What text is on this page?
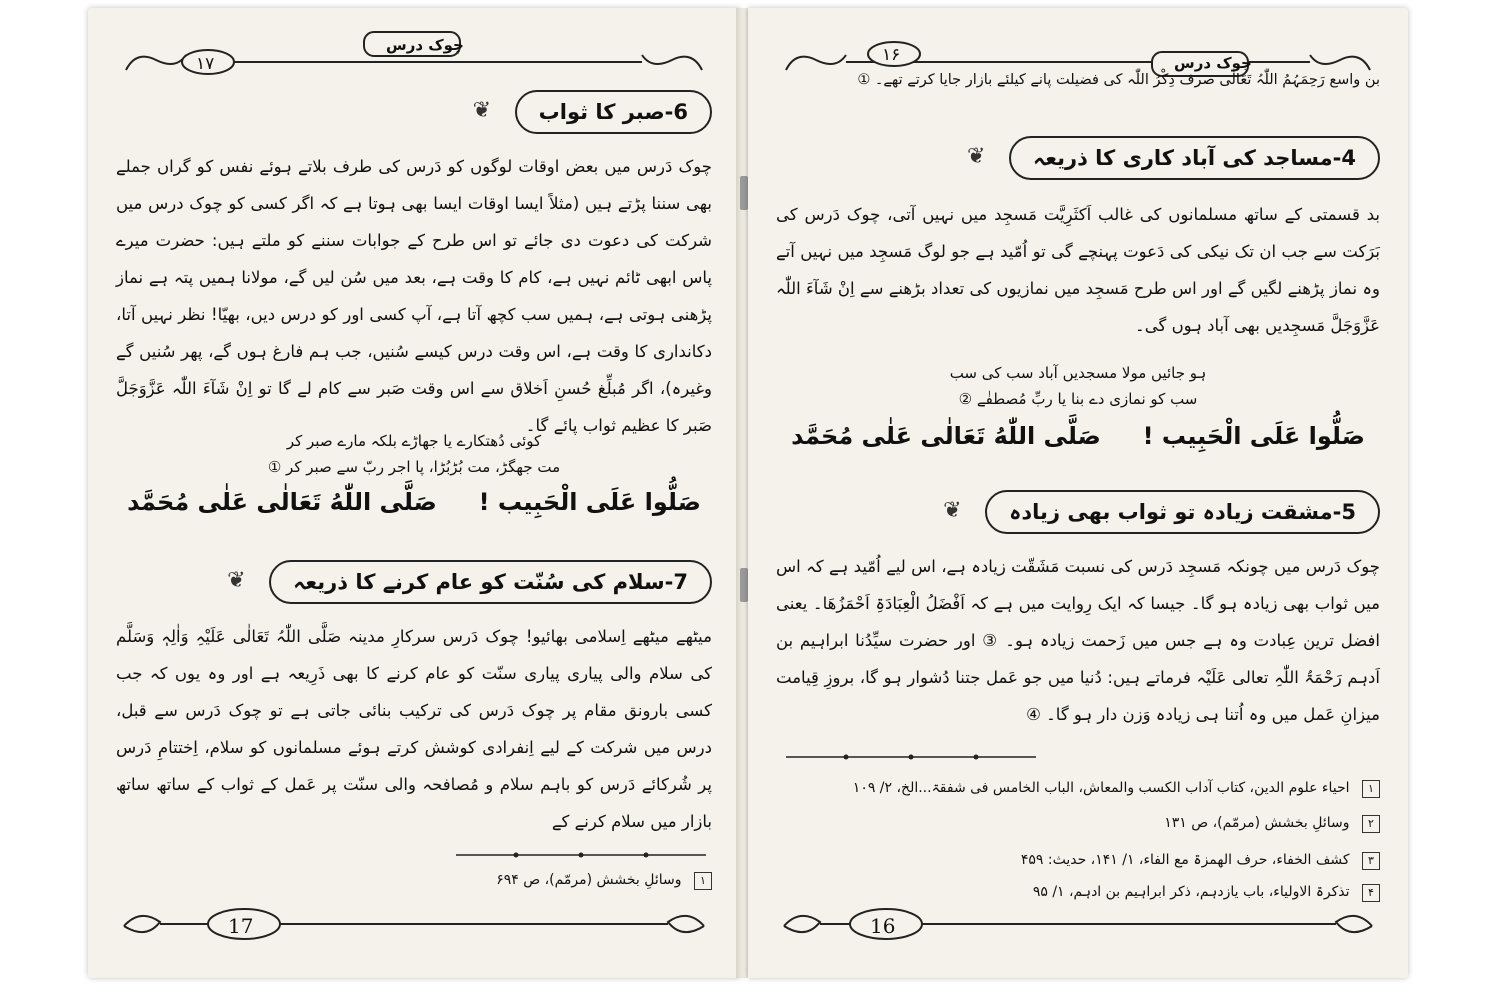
چوک درس
۱۷
6-صبر کا ثواب
❦
چوک دَرس میں بعض اوقات لوگوں کو دَرس کی طرف بلاتے ہوئے نفس کو گراں جملے بھی سننا پڑتے ہیں (مثلاً ایسا اوقات ایسا بھی ہوتا ہے کہ اگر کسی کو چوک درس میں شرکت کی دعوت دی جائے تو اس طرح کے جوابات سننے کو ملتے ہیں: حضرت میرے پاس ابھی ٹائم نہیں ہے، کام کا وقت ہے، بعد میں سُن لیں گے، مولانا ہمیں پتہ ہے نماز پڑھنی ہوتی ہے، ہمیں سب کچھ آتا ہے، آپ کسی اور کو درس دیں، بھیّا! نظر نہیں آتا، دکانداری کا وقت ہے، اس وقت درس کیسے سُنیں، جب ہم فارغ ہوں گے، پھر سُنیں گے وغیرہ)، اگر مُبلِّغ حُسنِ اَخلاق سے اس وقت صَبر سے کام لے گا تو اِنْ شَآءَ اللّٰہ عَزَّوَجَلَّ صَبر کا عظیم ثواب پائے گا۔
کوئی دُھتکارے یا جھاڑے بلکہ مارے صبر کر
مت جھگڑ، مت بُڑبُڑا، پا اجر ربّ سے صبر کر ①
صَلُّوا عَلَى الْحَبِيب !     صَلَّى اللّٰهُ تَعَالٰى عَلٰى مُحَمَّد
7-سلام کی سُنّت کو عام کرنے کا ذریعہ
❦
میٹھے میٹھے اِسلامی بھائیو! چوک دَرس سرکارِ مدینہ صَلَّی اللّٰہُ تَعَالٰی عَلَیْہِ وَاٰلِہٖ وَسَلَّم کی سلام والی پیاری پیاری سنّت کو عام کرنے کا بھی ذَرِیعہ ہے اور وہ یوں کہ جب کسی بارونق مقام پر چوک دَرس کی ترکیب بنائی جاتی ہے تو چوک دَرس سے قبل، درس میں شرکت کے لیے اِنفرادی کوشش کرتے ہوئے مسلمانوں کو سلام، اِختتامِ دَرس پر شُرکائے دَرس کو باہم سلام و مُصافحہ والی سنّت پر عَمل کے ثواب کے ساتھ ساتھ بازار میں سلام کرنے کے
۱ وسائلِ بخشش (مرمّم)، ص ۶۹۴
17
چوک درس
۱۶
بن واسع رَحِمَہُمُ اللّٰہُ تَعَالٰی صرف ذِکْرُ اللّٰہ کی فضیلت پانے کیلئے بازار جایا کرتے تھے۔ ①
4-مساجد کی آباد کاری کا ذریعہ
❦
بد قسمتی کے ساتھ مسلمانوں کی غالب اَکثَرِیَّت مَسجِد میں نہیں آتی، چوک دَرس کی بَرَکت سے جب ان تک نیکی کی دَعوت پہنچے گی تو اُمّید ہے جو لوگ مَسجِد میں نہیں آتے وہ نماز پڑھنے لگیں گے اور اس طرح مَسجِد میں نمازیوں کی تعداد بڑھنے سے اِنْ شَآءَ اللّٰہ عَزَّوَجَلَّ مَسجِدیں بھی آباد ہوں گی۔
ہو جائیں مولا مسجدیں آباد سب کی سب
سب کو نمازی دے بنا یا ربِّ مُصطفٰے ②
صَلُّوا عَلَى الْحَبِيب !     صَلَّى اللّٰهُ تَعَالٰى عَلٰى مُحَمَّد
5-مشقت زیادہ تو ثواب بھی زیادہ
❦
چوک دَرس میں چونکہ مَسجِد دَرس کی نسبت مَشَقّت زیادہ ہے، اس لیے اُمّید ہے کہ اس میں ثواب بھی زیادہ ہو گا۔ جیسا کہ ایک رِوایت میں ہے کہ اَفْضَلُ الْعِبَادَۃِ اَحْمَزُھَا۔ یعنی افضل ترین عِبادت وہ ہے جس میں زَحمت زیادہ ہو۔ ③ اور حضرت سیِّدُنا ابراہیم بن اَدہم رَحْمَۃُ اللّٰہِ تعالی عَلَیْہ فرماتے ہیں: دُنیا میں جو عَمل جتنا دُشوار ہو گا، بروزِ قِیامت میزانِ عَمل میں وہ اُتنا ہی زیادہ وَزن دار ہو گا۔ ④
۱ احیاء علوم الدین، کتاب آداب الکسب والمعاش، الباب الخامس فی شفقۃ...الخ، ۲/ ۱۰۹
۲ وسائلِ بخشش (مرمّم)، ص ۱۳۱
۳ کشف الخفاء، حرف الھمزۃ مع الفاء، ۱/ ۱۴۱، حدیث: ۴۵۹
۴ تذکرۃ الاولیاء، باب یازدہم، ذکر ابراہیم بن ادہم، ۱/ ۹۵
16
